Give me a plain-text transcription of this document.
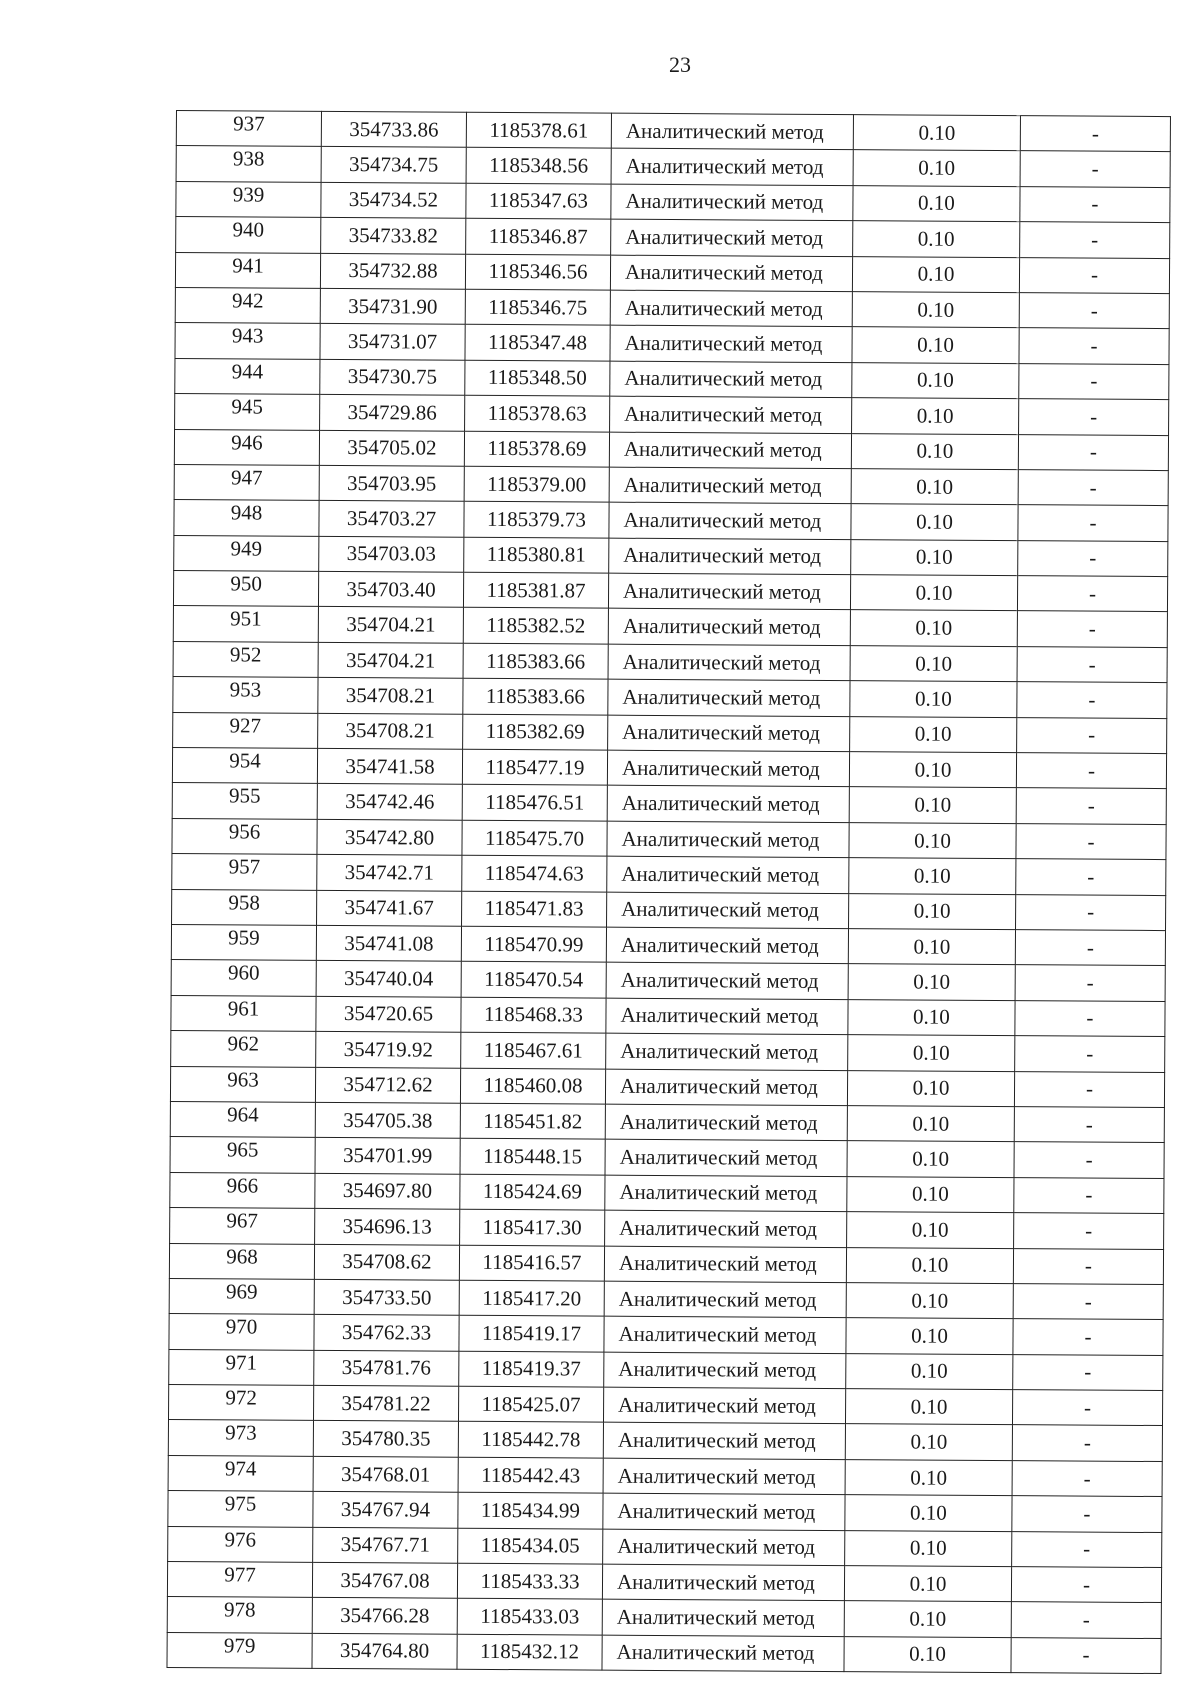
23
937	354733.86	1185378.61	Аналитический метод	0.10	-
938	354734.75	1185348.56	Аналитический метод	0.10	-
939	354734.52	1185347.63	Аналитический метод	0.10	-
940	354733.82	1185346.87	Аналитический метод	0.10	-
941	354732.88	1185346.56	Аналитический метод	0.10	-
942	354731.90	1185346.75	Аналитический метод	0.10	-
943	354731.07	1185347.48	Аналитический метод	0.10	-
944	354730.75	1185348.50	Аналитический метод	0.10	-
945	354729.86	1185378.63	Аналитический метод	0.10	-
946	354705.02	1185378.69	Аналитический метод	0.10	-
947	354703.95	1185379.00	Аналитический метод	0.10	-
948	354703.27	1185379.73	Аналитический метод	0.10	-
949	354703.03	1185380.81	Аналитический метод	0.10	-
950	354703.40	1185381.87	Аналитический метод	0.10	-
951	354704.21	1185382.52	Аналитический метод	0.10	-
952	354704.21	1185383.66	Аналитический метод	0.10	-
953	354708.21	1185383.66	Аналитический метод	0.10	-
927	354708.21	1185382.69	Аналитический метод	0.10	-
954	354741.58	1185477.19	Аналитический метод	0.10	-
955	354742.46	1185476.51	Аналитический метод	0.10	-
956	354742.80	1185475.70	Аналитический метод	0.10	-
957	354742.71	1185474.63	Аналитический метод	0.10	-
958	354741.67	1185471.83	Аналитический метод	0.10	-
959	354741.08	1185470.99	Аналитический метод	0.10	-
960	354740.04	1185470.54	Аналитический метод	0.10	-
961	354720.65	1185468.33	Аналитический метод	0.10	-
962	354719.92	1185467.61	Аналитический метод	0.10	-
963	354712.62	1185460.08	Аналитический метод	0.10	-
964	354705.38	1185451.82	Аналитический метод	0.10	-
965	354701.99	1185448.15	Аналитический метод	0.10	-
966	354697.80	1185424.69	Аналитический метод	0.10	-
967	354696.13	1185417.30	Аналитический метод	0.10	-
968	354708.62	1185416.57	Аналитический метод	0.10	-
969	354733.50	1185417.20	Аналитический метод	0.10	-
970	354762.33	1185419.17	Аналитический метод	0.10	-
971	354781.76	1185419.37	Аналитический метод	0.10	-
972	354781.22	1185425.07	Аналитический метод	0.10	-
973	354780.35	1185442.78	Аналитический метод	0.10	-
974	354768.01	1185442.43	Аналитический метод	0.10	-
975	354767.94	1185434.99	Аналитический метод	0.10	-
976	354767.71	1185434.05	Аналитический метод	0.10	-
977	354767.08	1185433.33	Аналитический метод	0.10	-
978	354766.28	1185433.03	Аналитический метод	0.10	-
979	354764.80	1185432.12	Аналитический метод	0.10	-
